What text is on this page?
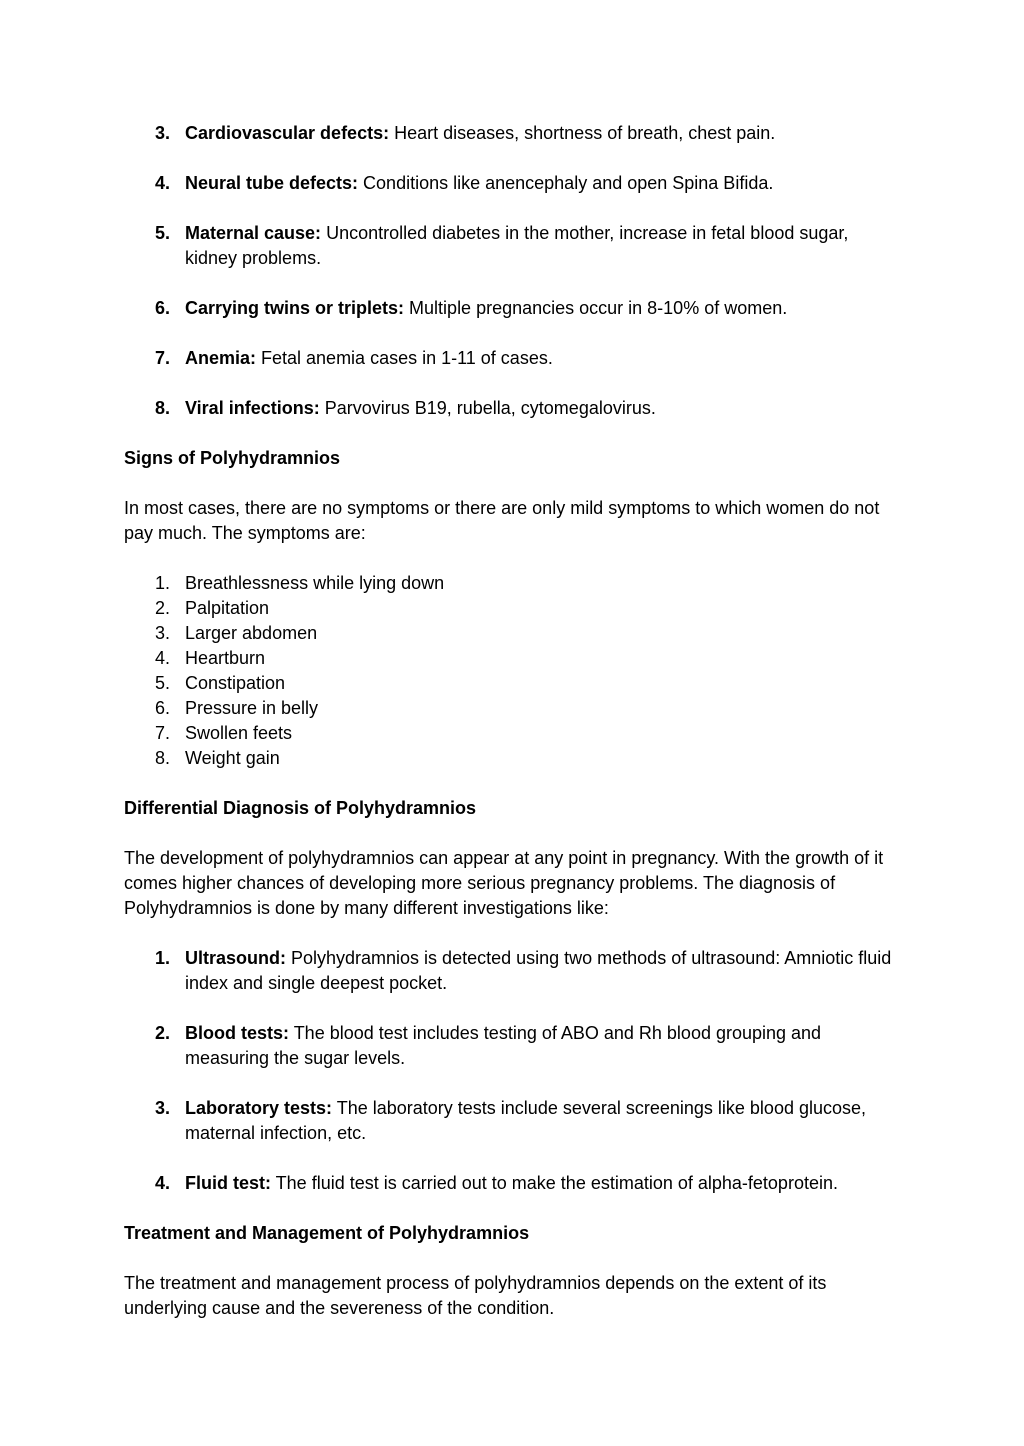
3. Cardiovascular defects: Heart diseases, shortness of breath, chest pain.
4. Neural tube defects: Conditions like anencephaly and open Spina Bifida.
5. Maternal cause: Uncontrolled diabetes in the mother, increase in fetal blood sugar, kidney problems.
6. Carrying twins or triplets: Multiple pregnancies occur in 8-10% of women.
7. Anemia: Fetal anemia cases in 1-11 of cases.
8. Viral infections: Parvovirus B19, rubella, cytomegalovirus.
Signs of Polyhydramnios
In most cases, there are no symptoms or there are only mild symptoms to which women do not pay much. The symptoms are:
1. Breathlessness while lying down
2. Palpitation
3. Larger abdomen
4. Heartburn
5. Constipation
6. Pressure in belly
7. Swollen feets
8. Weight gain
Differential Diagnosis of Polyhydramnios
The development of polyhydramnios can appear at any point in pregnancy. With the growth of it comes higher chances of developing more serious pregnancy problems. The diagnosis of Polyhydramnios is done by many different investigations like:
1. Ultrasound: Polyhydramnios is detected using two methods of ultrasound: Amniotic fluid index and single deepest pocket.
2. Blood tests: The blood test includes testing of ABO and Rh blood grouping and measuring the sugar levels.
3. Laboratory tests: The laboratory tests include several screenings like blood glucose, maternal infection, etc.
4. Fluid test: The fluid test is carried out to make the estimation of alpha-fetoprotein.
Treatment and Management of Polyhydramnios
The treatment and management process of polyhydramnios depends on the extent of its underlying cause and the severeness of the condition.
